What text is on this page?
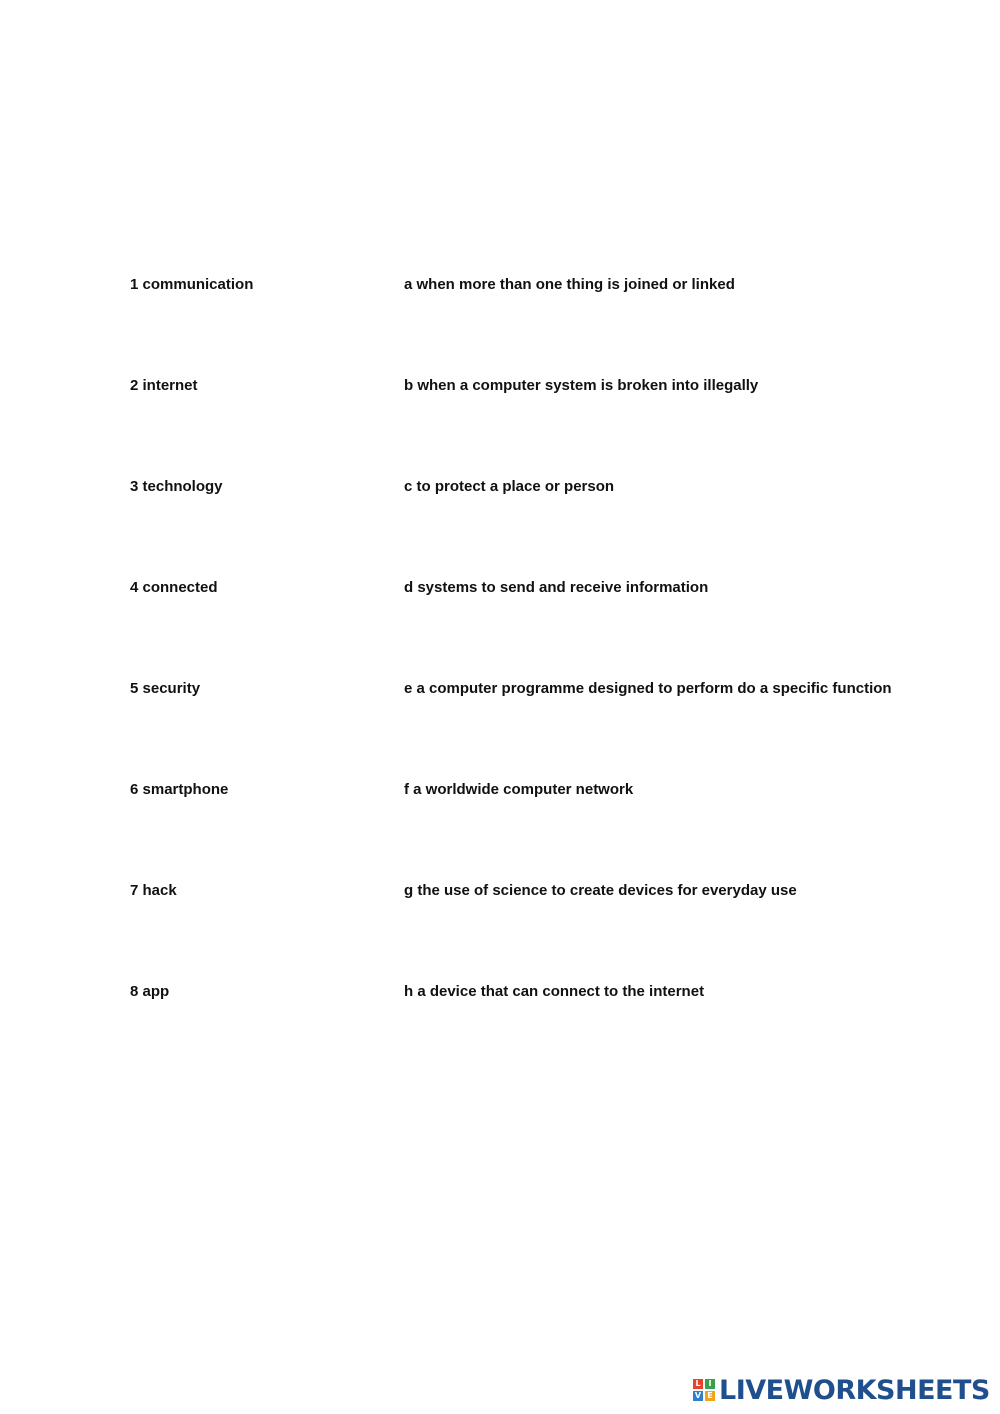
1 communication	a when more than one thing is joined or linked
2 internet	b when a computer system is broken into illegally
3 technology	c to protect a place or person
4 connected	d systems to send and receive information
5 security	e a computer programme designed to perform do a specific function
6 smartphone	f a worldwide computer network
7 hack	g the use of science to create devices for everyday use
8 app	h a device that can connect to the internet
L I
V E LIVEWORKSHEETS
